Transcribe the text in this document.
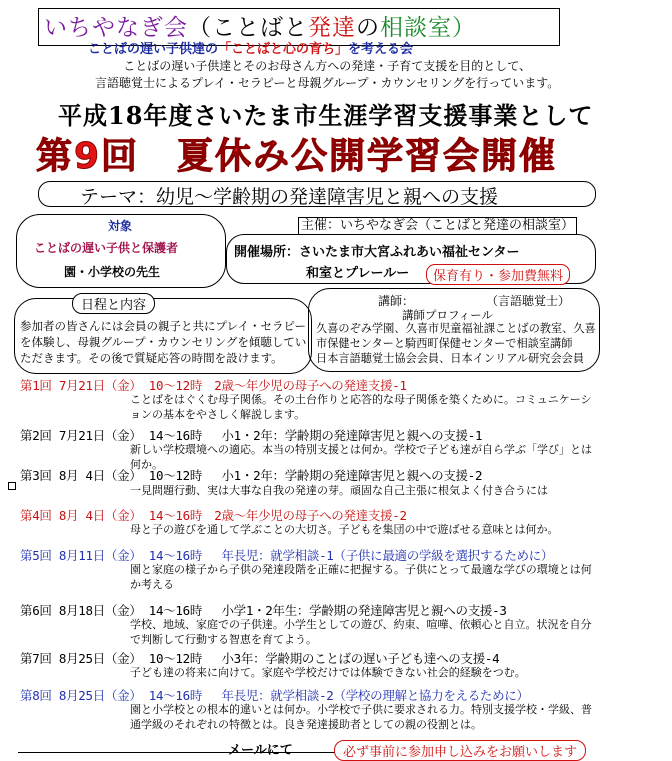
いちやなぎ会（ことばと発達の相談室）
ことばの遅い子供達の「ことばと心の育ち」を考える会
ことばの遅い子供達とそのお母さん方への発達・子育て支援を目的として、
言語聴覚士によるプレイ・セラピーと母親グループ・カウンセリングを行っています。
平成18年度さいたま市生涯学習支援事業として
第9回　夏休み公開学習会開催
テーマ：幼児～学齢期の発達障害児と親への支援
対象
ことばの遅い子供と保護者
園・小学校の先生
主催：いちやなぎ会（ことばと発達の相談室）
開催場所：さいたま市大宮ふれあい福祉センター
和室とプレールー	保育有り・参加費無料
日程と内容
参加者の皆さんには会員の親子と共にプレイ・セラピーを体験し、母親グループ・カウンセリングを傾聴していただきます。その後で質疑応答の時間を設けます。
講師：	（言語聴覚士）
講師プロフィール
久喜のぞみ学園、久喜市児童福祉課ことばの教室、久喜
市保健センターと騎西町保健センターで相談室講師
日本言語聴覚士協会会員、日本インリアル研究会会員
第1回 7月21日（金） 10～12時　2歳～年少児の母子への発達支援-1
ことばをはぐくむ母子関係。その土台作りと応答的な母子関係を築くために。コミュニケーションの基本をやさしく解説します。
第2回 7月21日（金） 14～16時　 小1・2年：学齢期の発達障害児と親への支援-1
新しい学校環境への適応。本当の特別支援とは何か。学校で子ども達が自ら学ぶ「学び」とは何か。
第3回 8月 4日（金） 10～12時　 小1・2年：学齢期の発達障害児と親への支援-2
一見問題行動、実は大事な自我の発達の芽。頑固な自己主張に根気よく付き合うには
第4回 8月 4日（金） 14～16時　2歳～年少児の母子への発達支援-2
母と子の遊びを通して学ぶことの大切さ。子どもを集団の中で遊ばせる意味とは何か。
第5回 8月11日（金） 14～16時　 年長児：就学相談-1（子供に最適の学級を選択するために）
園と家庭の様子から子供の発達段階を正確に把握する。子供にとって最適な学びの環境とは何か考える
第6回 8月18日（金） 14～16時　 小学1・2年生：学齢期の発達障害児と親への支援-3
学校、地域、家庭での子供達。小学生としての遊び、約束、喧嘩、依頼心と自立。状況を自分で判断して行動する智恵を育てよう。
第7回 8月25日（金） 10～12時　 小3年：学齢期のことばの遅い子ども達への支援-4
子ども達の将来に向けて。家庭や学校だけでは体験できない社会的経験をつむ。
第8回 8月25日（金） 14～16時　 年長児：就学相談-2（学校の理解と協力をえるために）
園と小学校との根本的違いとは何か。小学校で子供に要求される力。特別支援学校・学級、普通学級のそれぞれの特徴とは。良き発達援助者としての親の役割とは。
メールにて	必ず事前に参加申し込みをお願いします
